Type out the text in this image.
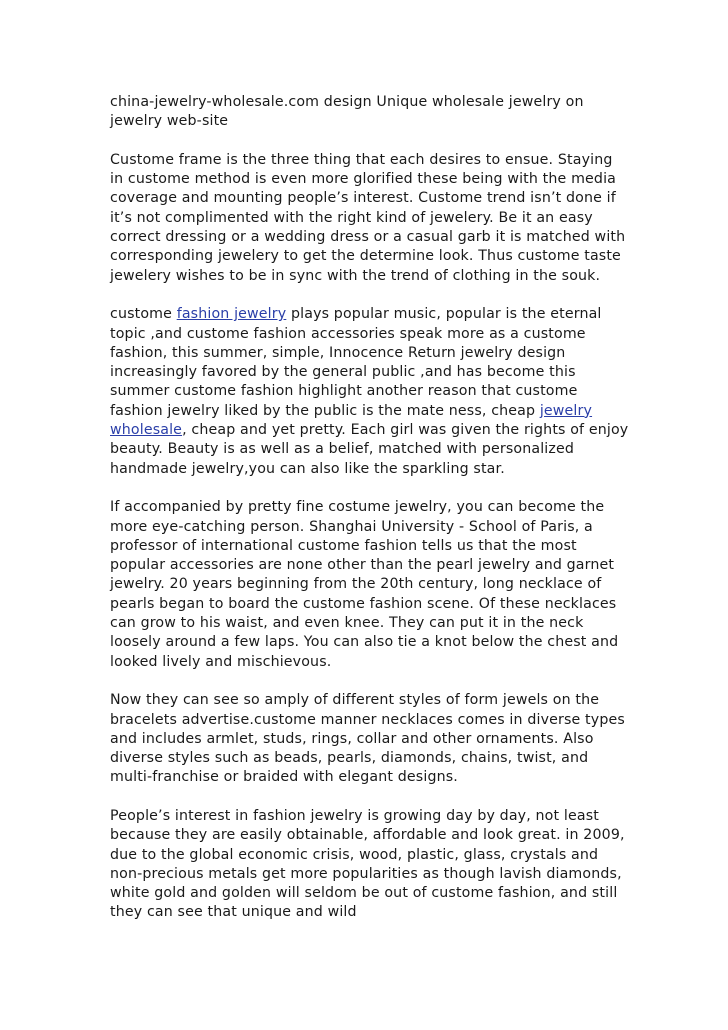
china-jewelry-wholesale.com design Unique wholesale jewelry on jewelry web-site

Custome frame is the three thing that each desires to ensue. Staying in custome method is even more glorified these being with the media coverage and mounting people’s interest. Custome trend isn’t done if it’s not complimented with the right kind of jewelery. Be it an easy correct dressing or a wedding dress or a casual garb it is matched with corresponding jewelery to get the determine look. Thus custome taste jewelery wishes to be in sync with the trend of clothing in the souk.

custome fashion jewelry plays popular music, popular is the eternal topic ,and custome fashion accessories speak more as a custome fashion, this summer, simple, Innocence Return jewelry design increasingly favored by the general public ,and has become this summer custome fashion highlight another reason that custome fashion jewelry liked by the public is the mate ness, cheap jewelry wholesale, cheap and yet pretty. Each girl was given the rights of enjoy beauty. Beauty is as well as a belief, matched with personalized handmade jewelry,you can also like the sparkling star.

If accompanied by pretty fine costume jewelry, you can become the more eye-catching person. Shanghai University - School of Paris, a professor of international custome fashion tells us that the most popular accessories are none other than the pearl jewelry and garnet jewelry. 20 years beginning from the 20th century, long necklace of pearls began to board the custome fashion scene. Of these necklaces can grow to his waist, and even knee. They can put it in the neck loosely around a few laps. You can also tie a knot below the chest and looked lively and mischievous.

Now they can see so amply of different styles of form jewels on the bracelets advertise.custome manner necklaces comes in diverse types and includes armlet, studs, rings, collar and other ornaments. Also diverse styles such as beads, pearls, diamonds, chains, twist, and multi-franchise or braided with elegant designs.

People’s interest in fashion jewelry is growing day by day, not least because they are easily obtainable, affordable and look great. in 2009, due to the global economic crisis, wood, plastic, glass, crystals and non-precious metals get more popularities as though lavish diamonds, white gold and golden will seldom be out of custome fashion, and still they can see that unique and wild
